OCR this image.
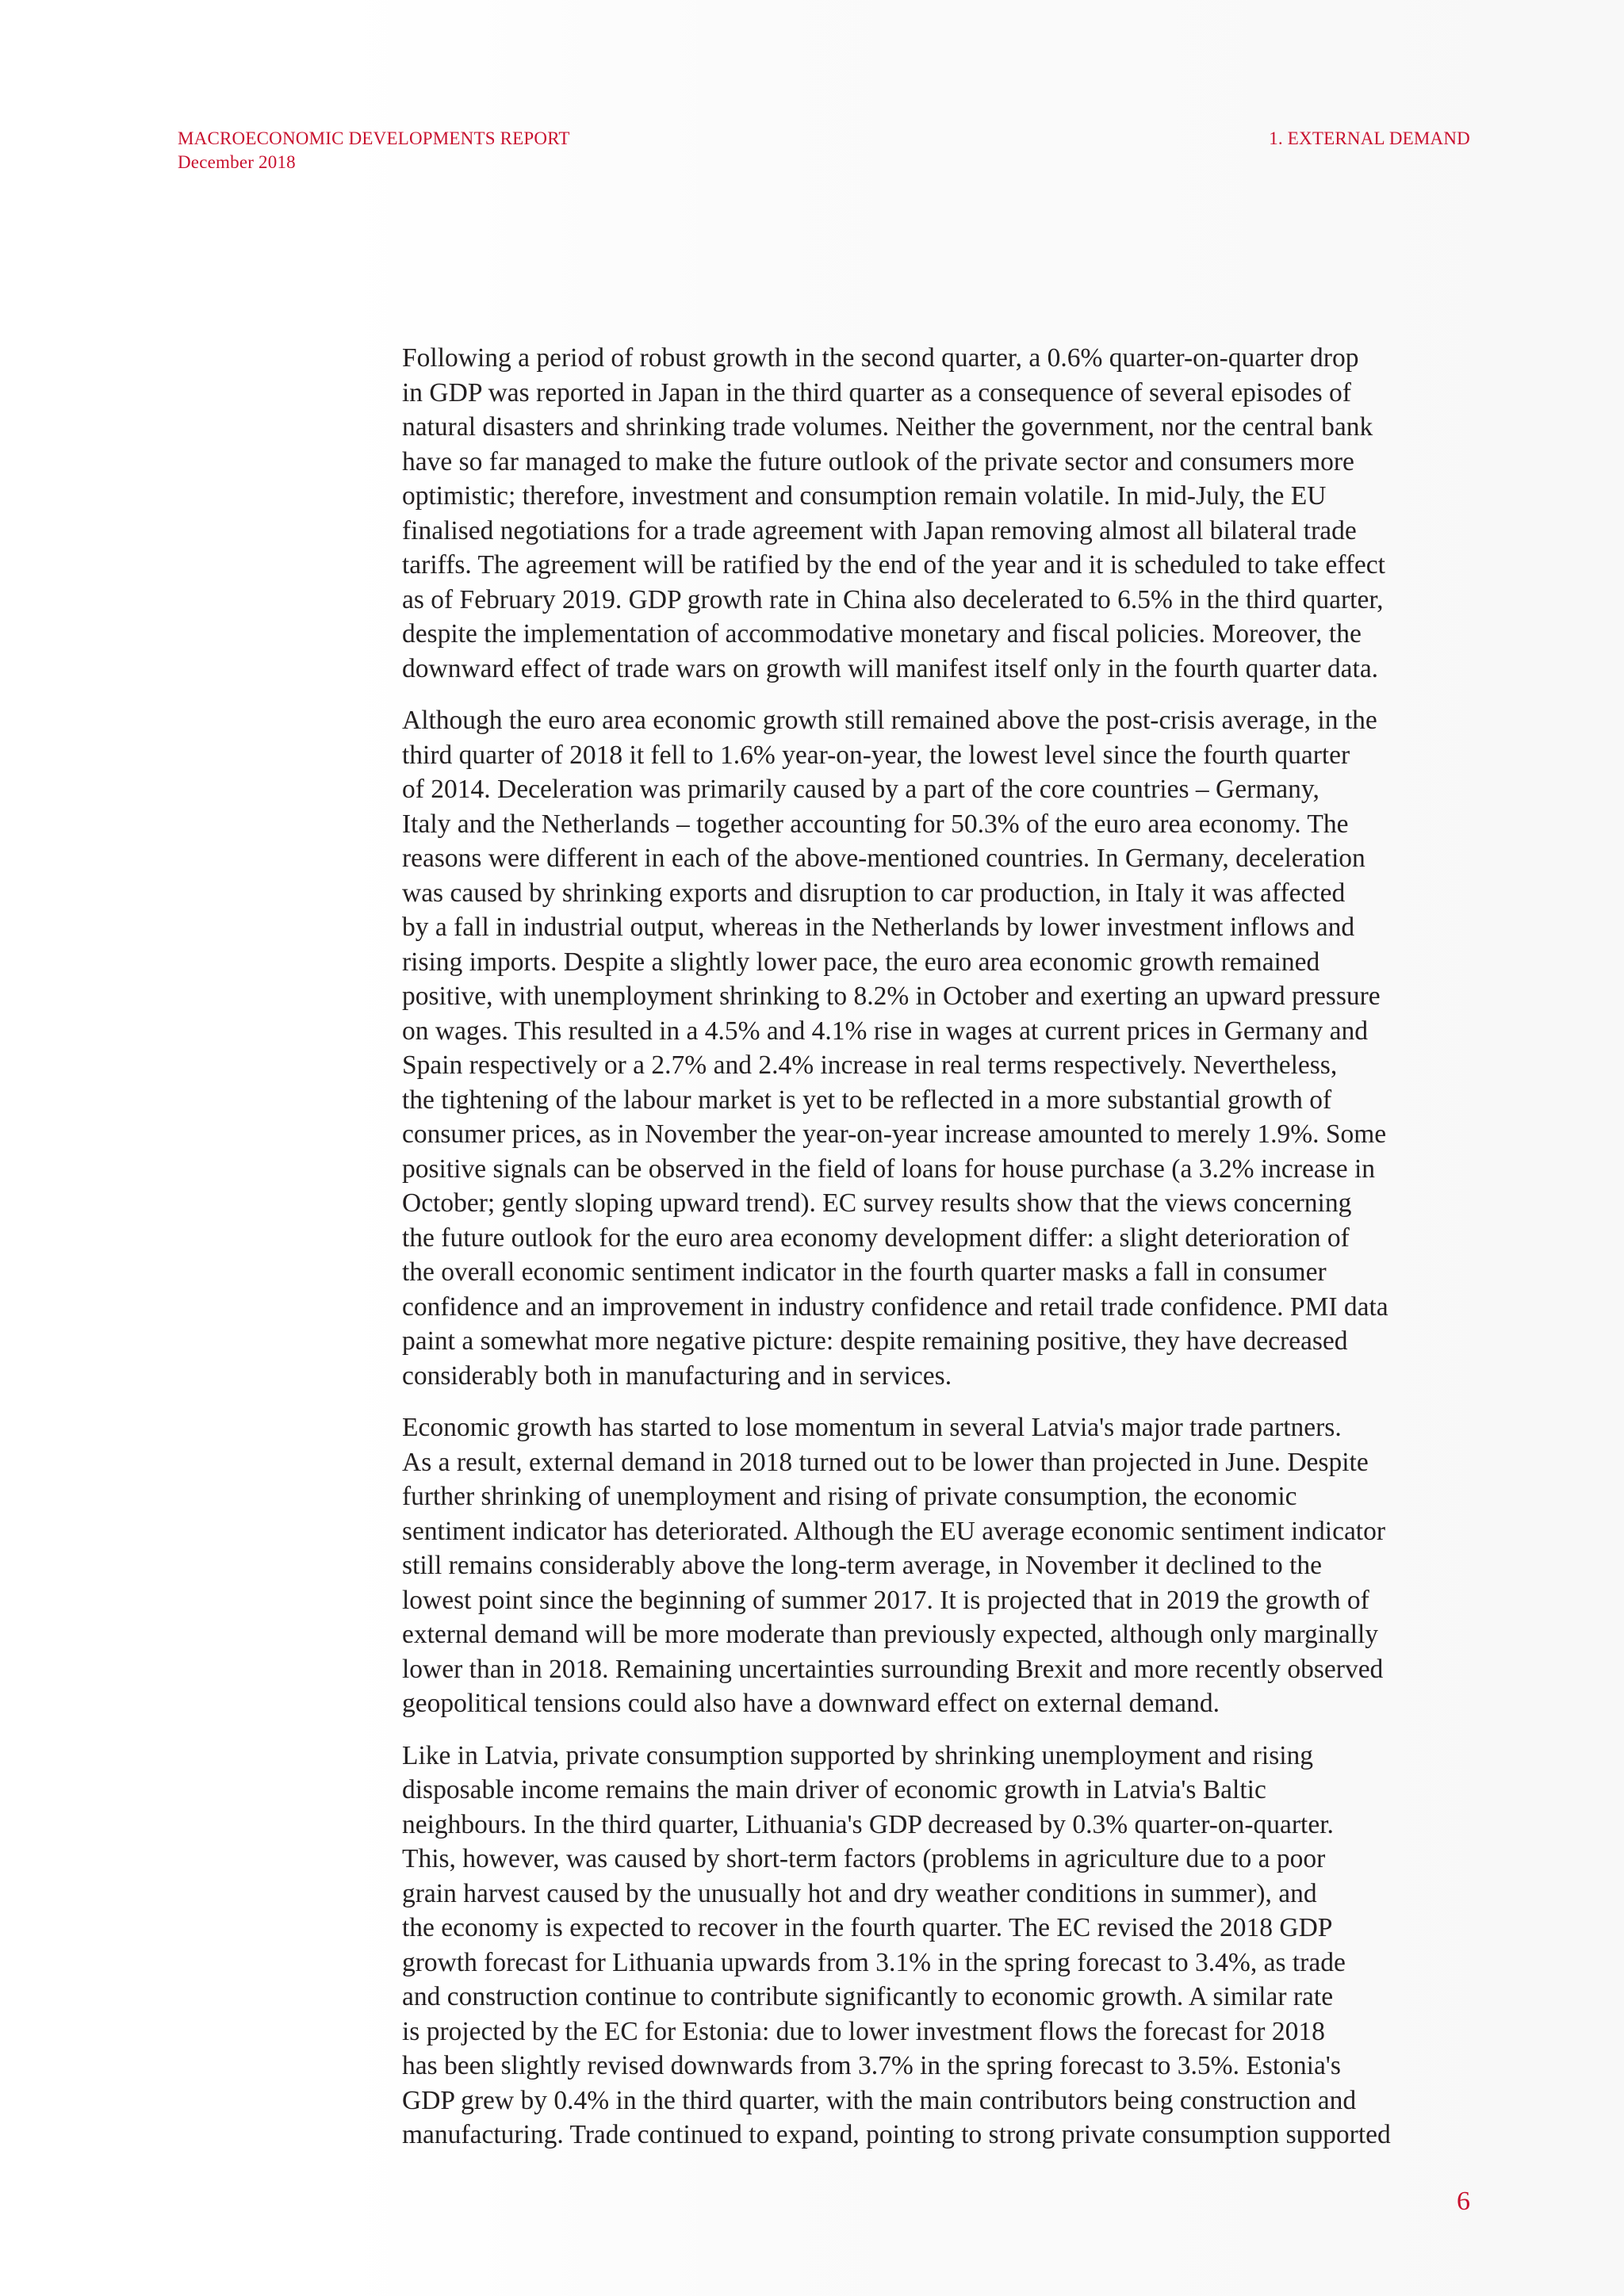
MACROECONOMIC DEVELOPMENTS REPORT
December 2018
1. EXTERNAL DEMAND

Following a period of robust growth in the second quarter, a 0.6% quarter-on-quarter drop
in GDP was reported in Japan in the third quarter as a consequence of several episodes of
natural disasters and shrinking trade volumes. Neither the government, nor the central bank
have so far managed to make the future outlook of the private sector and consumers more
optimistic; therefore, investment and consumption remain volatile. In mid-July, the EU
finalised negotiations for a trade agreement with Japan removing almost all bilateral trade
tariffs. The agreement will be ratified by the end of the year and it is scheduled to take effect
as of February 2019. GDP growth rate in China also decelerated to 6.5% in the third quarter,
despite the implementation of accommodative monetary and fiscal policies. Moreover, the
downward effect of trade wars on growth will manifest itself only in the fourth quarter data.

Although the euro area economic growth still remained above the post-crisis average, in the
third quarter of 2018 it fell to 1.6% year-on-year, the lowest level since the fourth quarter
of 2014. Deceleration was primarily caused by a part of the core countries – Germany,
Italy and the Netherlands – together accounting for 50.3% of the euro area economy. The
reasons were different in each of the above-mentioned countries. In Germany, deceleration
was caused by shrinking exports and disruption to car production, in Italy it was affected
by a fall in industrial output, whereas in the Netherlands by lower investment inflows and
rising imports. Despite a slightly lower pace, the euro area economic growth remained
positive, with unemployment shrinking to 8.2% in October and exerting an upward pressure
on wages. This resulted in a 4.5% and 4.1% rise in wages at current prices in Germany and
Spain respectively or a 2.7% and 2.4% increase in real terms respectively. Nevertheless,
the tightening of the labour market is yet to be reflected in a more substantial growth of
consumer prices, as in November the year-on-year increase amounted to merely 1.9%. Some
positive signals can be observed in the field of loans for house purchase (a 3.2% increase in
October; gently sloping upward trend). EC survey results show that the views concerning
the future outlook for the euro area economy development differ: a slight deterioration of
the overall economic sentiment indicator in the fourth quarter masks a fall in consumer
confidence and an improvement in industry confidence and retail trade confidence. PMI data
paint a somewhat more negative picture: despite remaining positive, they have decreased
considerably both in manufacturing and in services.

Economic growth has started to lose momentum in several Latvia's major trade partners.
As a result, external demand in 2018 turned out to be lower than projected in June. Despite
further shrinking of unemployment and rising of private consumption, the economic
sentiment indicator has deteriorated. Although the EU average economic sentiment indicator
still remains considerably above the long-term average, in November it declined to the
lowest point since the beginning of summer 2017. It is projected that in 2019 the growth of
external demand will be more moderate than previously expected, although only marginally
lower than in 2018. Remaining uncertainties surrounding Brexit and more recently observed
geopolitical tensions could also have a downward effect on external demand.

Like in Latvia, private consumption supported by shrinking unemployment and rising
disposable income remains the main driver of economic growth in Latvia's Baltic
neighbours. In the third quarter, Lithuania's GDP decreased by 0.3% quarter-on-quarter.
This, however, was caused by short-term factors (problems in agriculture due to a poor
grain harvest caused by the unusually hot and dry weather conditions in summer), and
the economy is expected to recover in the fourth quarter. The EC revised the 2018 GDP
growth forecast for Lithuania upwards from 3.1% in the spring forecast to 3.4%, as trade
and construction continue to contribute significantly to economic growth. A similar rate
is projected by the EC for Estonia: due to lower investment flows the forecast for 2018
has been slightly revised downwards from 3.7% in the spring forecast to 3.5%. Estonia's
GDP grew by 0.4% in the third quarter, with the main contributors being construction and
manufacturing. Trade continued to expand, pointing to strong private consumption supported

6
